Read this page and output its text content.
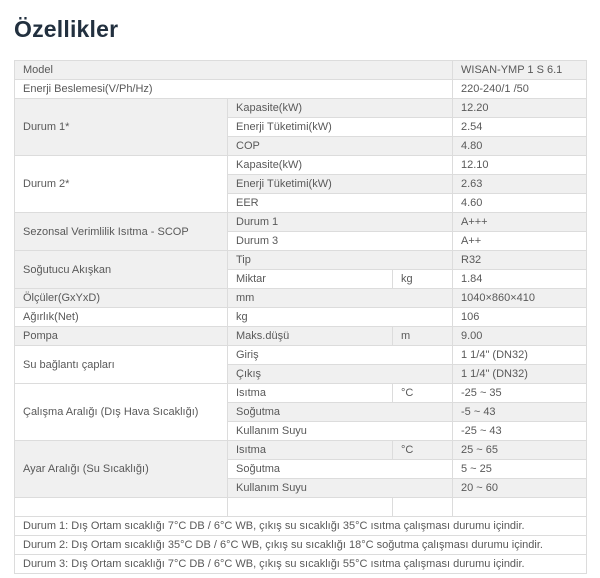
Özellikler
Model			WISAN-YMP 1 S 6.1
Enerji Beslemesi(V/Ph/Hz)			220-240/1 /50
Durum 1*	Kapasite(kW)		12.20
	Enerji Tüketimi(kW)		2.54
	COP		4.80
Durum 2*	Kapasite(kW)		12.10
	Enerji Tüketimi(kW)		2.63
	EER		4.60
Sezonsal Verimlilik Isıtma - SCOP	Durum 1		A+++
	Durum 3		A++
Soğutucu Akışkan	Tip		R32
	Miktar	kg	1.84
Ölçüler(GxYxD)	mm		1040×860×410
Ağırlık(Net)	kg		106
Pompa	Maks.düşü	m	9.00
Su bağlantı çapları	Giriş		1 1/4" (DN32)
	Çıkış		1 1/4" (DN32)
Çalışma Aralığı (Dış Hava Sıcaklığı)	Isıtma	°C	-25 ~ 35
	Soğutma		-5 ~ 43
	Kullanım Suyu		-25 ~ 43
Ayar Aralığı (Su Sıcaklığı)	Isıtma	°C	25 ~ 65
	Soğutma		5 ~ 25
	Kullanım Suyu		20 ~ 60

Durum 1: Dış Ortam sıcaklığı 7°C DB / 6°C WB, çıkış su sıcaklığı 35°C ısıtma çalışması durumu içindir.			
Durum 2: Dış Ortam sıcaklığı 35°C DB / 6°C WB, çıkış su sıcaklığı 18°C soğutma çalışması durumu içindir.			
Durum 3: Dış Ortam sıcaklığı 7°C DB / 6°C WB, çıkış su sıcaklığı 55°C ısıtma çalışması durumu içindir.			
